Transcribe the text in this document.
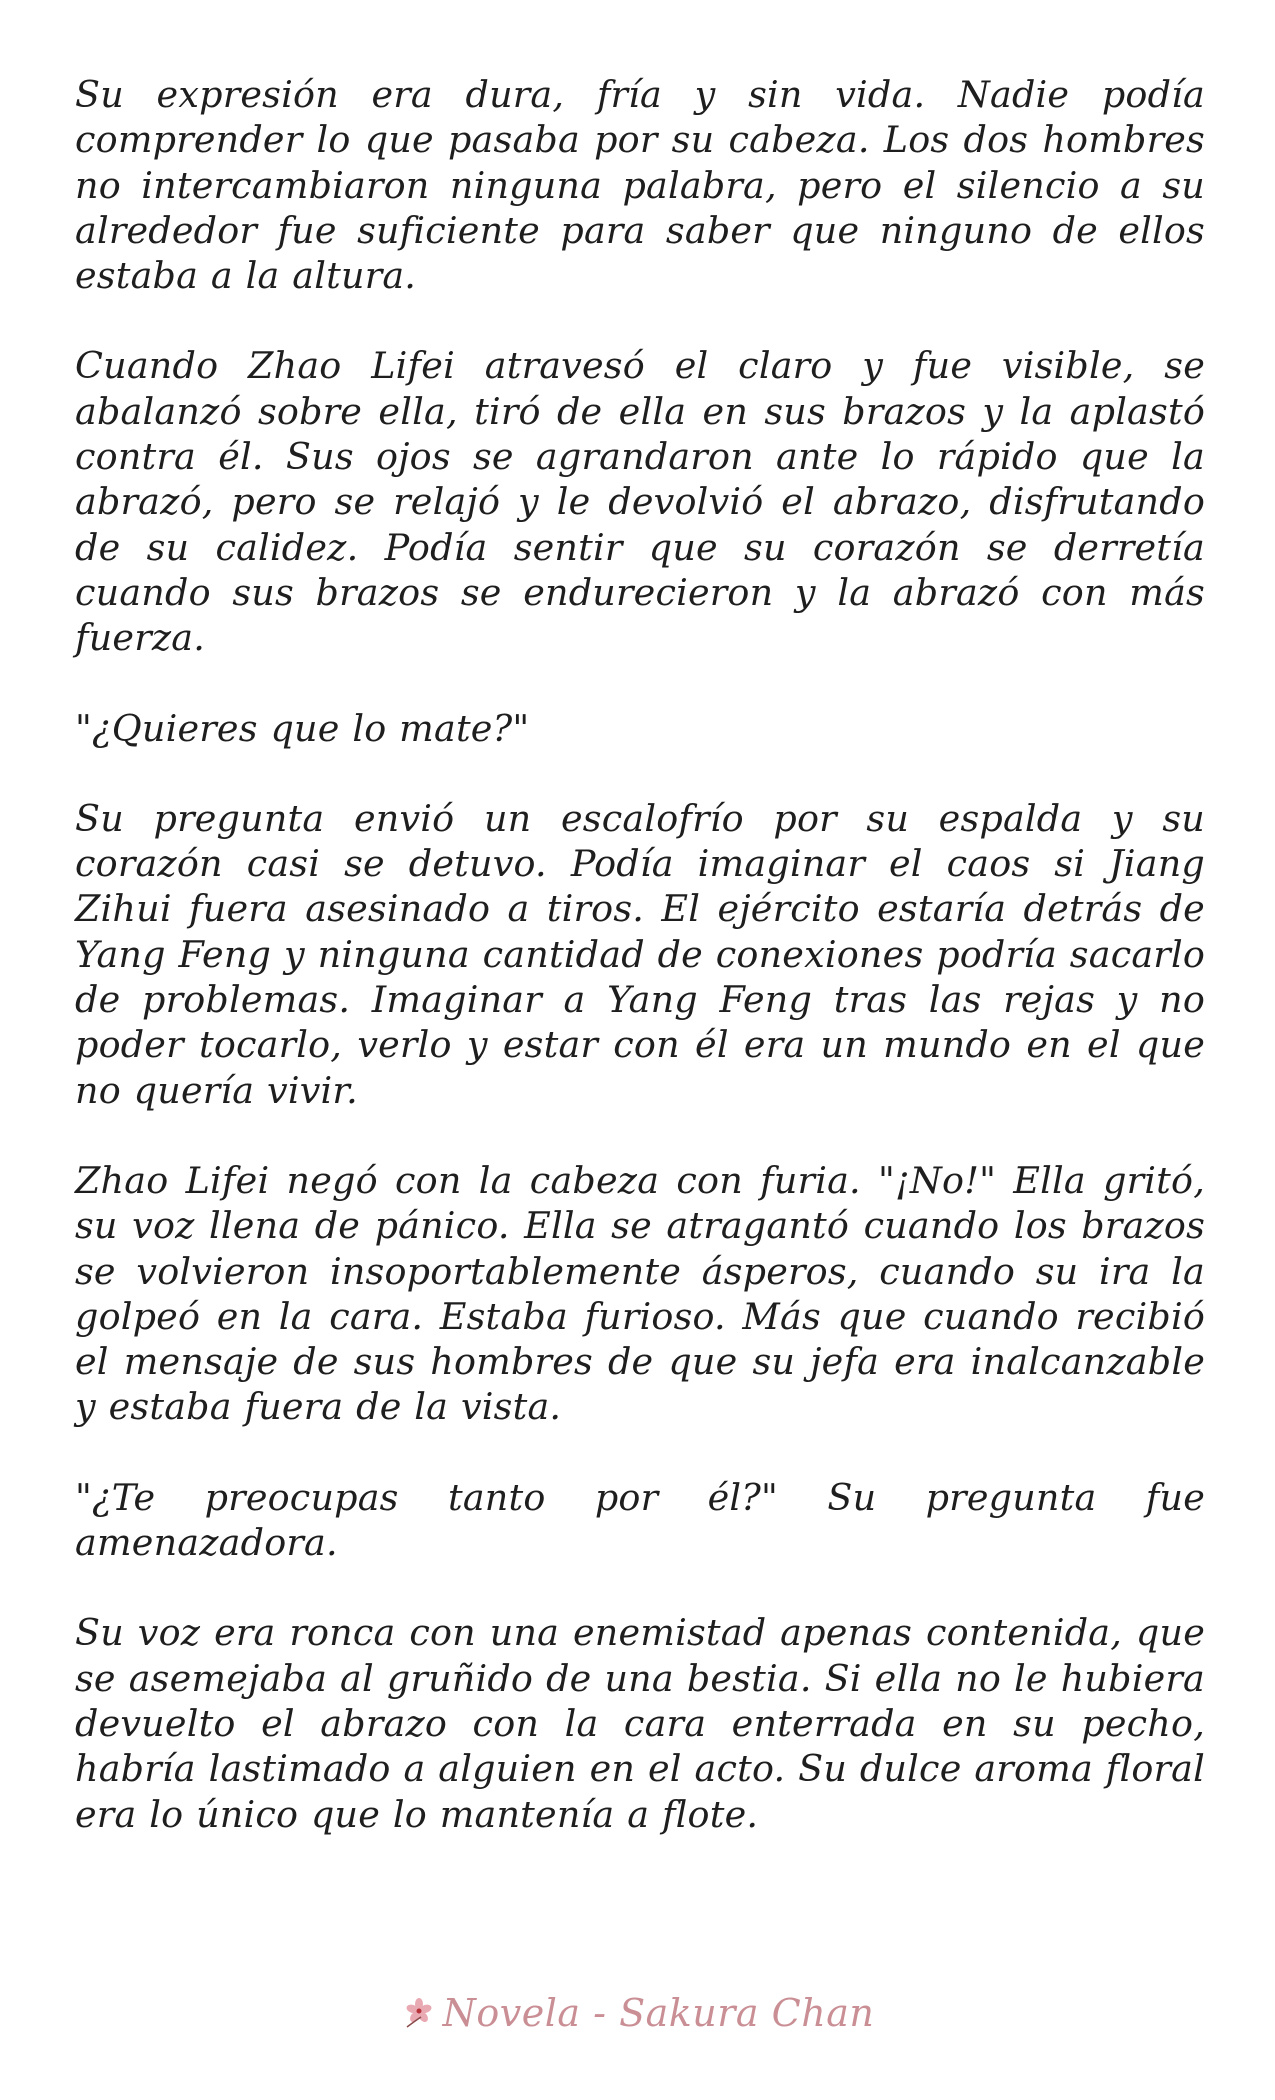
Su expresión era dura, fría y sin vida. Nadie podía comprender lo que pasaba por su cabeza. Los dos hombres no intercambiaron ninguna palabra, pero el silencio a su alrededor fue suficiente para saber que ninguno de ellos estaba a la altura.

Cuando Zhao Lifei atravesó el claro y fue visible, se abalanzó sobre ella, tiró de ella en sus brazos y la aplastó contra él. Sus ojos se agrandaron ante lo rápido que la abrazó, pero se relajó y le devolvió el abrazo, disfrutando de su calidez. Podía sentir que su corazón se derretía cuando sus brazos se endurecieron y la abrazó con más fuerza.

"¿Quieres que lo mate?"

Su pregunta envió un escalofrío por su espalda y su corazón casi se detuvo. Podía imaginar el caos si Jiang Zihui fuera asesinado a tiros. El ejército estaría detrás de Yang Feng y ninguna cantidad de conexiones podría sacarlo de problemas. Imaginar a Yang Feng tras las rejas y no poder tocarlo, verlo y estar con él era un mundo en el que no quería vivir.

Zhao Lifei negó con la cabeza con furia. "¡No!" Ella gritó, su voz llena de pánico. Ella se atragantó cuando los brazos se volvieron insoportablemente ásperos, cuando su ira la golpeó en la cara. Estaba furioso. Más que cuando recibió el mensaje de sus hombres de que su jefa era inalcanzable y estaba fuera de la vista.

"¿Te preocupas tanto por él?" Su pregunta fue amenazadora.

Su voz era ronca con una enemistad apenas contenida, que se asemejaba al gruñido de una bestia. Si ella no le hubiera devuelto el abrazo con la cara enterrada en su pecho, habría lastimado a alguien en el acto. Su dulce aroma floral era lo único que lo mantenía a flote.

Novela - Sakura Chan
